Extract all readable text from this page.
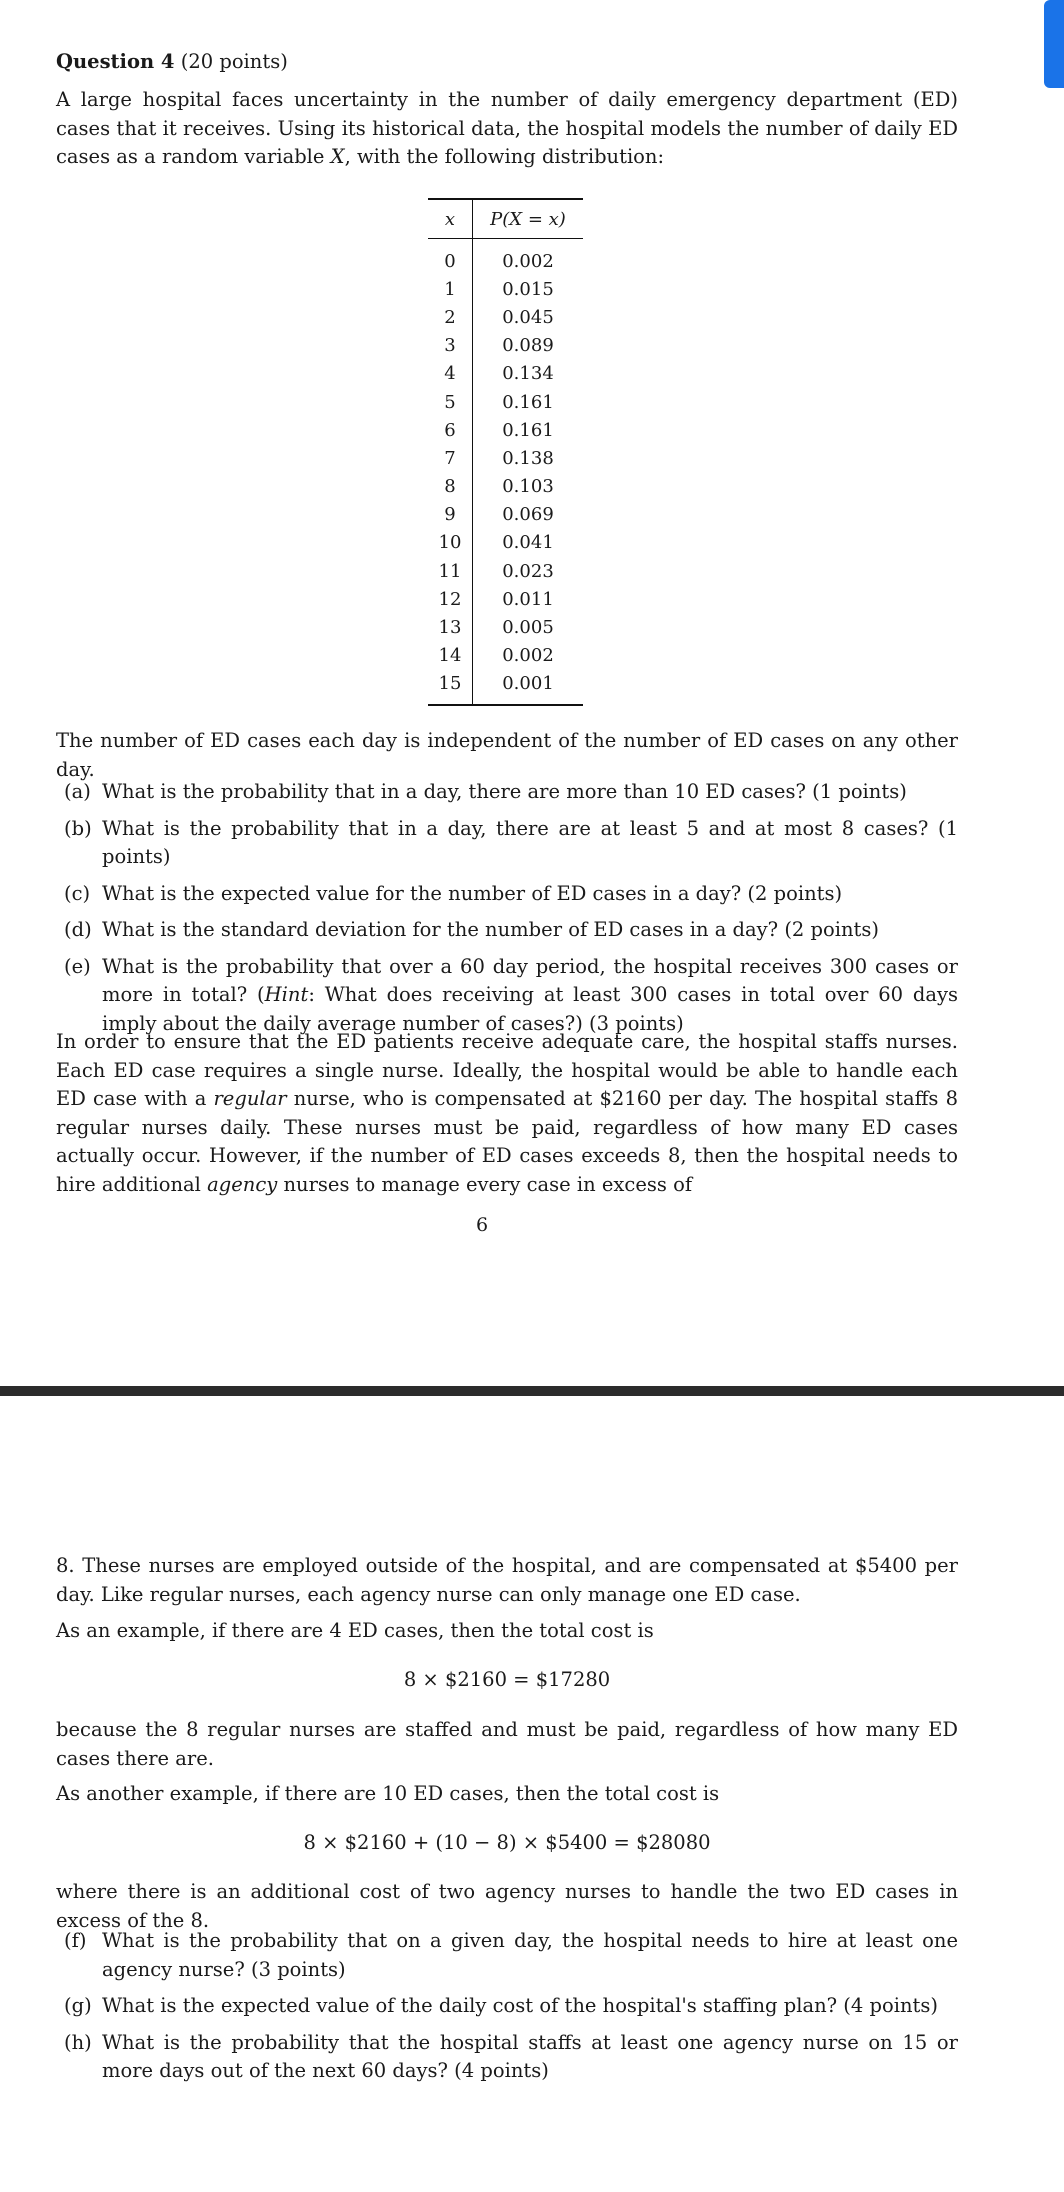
Question 4 (20 points)

A large hospital faces uncertainty in the number of daily emergency department (ED) cases that it receives. Using its historical data, the hospital models the number of daily ED cases as a random variable X, with the following distribution:

x	P(X = x)
0	0.002
1	0.015
2	0.045
3	0.089
4	0.134
5	0.161
6	0.161
7	0.138
8	0.103
9	0.069
10	0.041
11	0.023
12	0.011
13	0.005
14	0.002
15	0.001

The number of ED cases each day is independent of the number of ED cases on any other day.

(a) What is the probability that in a day, there are more than 10 ED cases? (1 points)
(b) What is the probability that in a day, there are at least 5 and at most 8 cases? (1 points)
(c) What is the expected value for the number of ED cases in a day? (2 points)
(d) What is the standard deviation for the number of ED cases in a day? (2 points)
(e) What is the probability that over a 60 day period, the hospital receives 300 cases or more in total? (Hint: What does receiving at least 300 cases in total over 60 days imply about the daily average number of cases?) (3 points)

In order to ensure that the ED patients receive adequate care, the hospital staffs nurses. Each ED case requires a single nurse. Ideally, the hospital would be able to handle each ED case with a regular nurse, who is compensated at $2160 per day. The hospital staffs 8 regular nurses daily. These nurses must be paid, regardless of how many ED cases actually occur. However, if the number of ED cases exceeds 8, then the hospital needs to hire additional agency nurses to manage every case in excess of

6

8. These nurses are employed outside of the hospital, and are compensated at $5400 per day. Like regular nurses, each agency nurse can only manage one ED case.

As an example, if there are 4 ED cases, then the total cost is

8 × $2160 = $17280

because the 8 regular nurses are staffed and must be paid, regardless of how many ED cases there are.

As another example, if there are 10 ED cases, then the total cost is

8 × $2160 + (10 − 8) × $5400 = $28080

where there is an additional cost of two agency nurses to handle the two ED cases in excess of the 8.

(f) What is the probability that on a given day, the hospital needs to hire at least one agency nurse? (3 points)
(g) What is the expected value of the daily cost of the hospital's staffing plan? (4 points)
(h) What is the probability that the hospital staffs at least one agency nurse on 15 or more days out of the next 60 days? (4 points)
